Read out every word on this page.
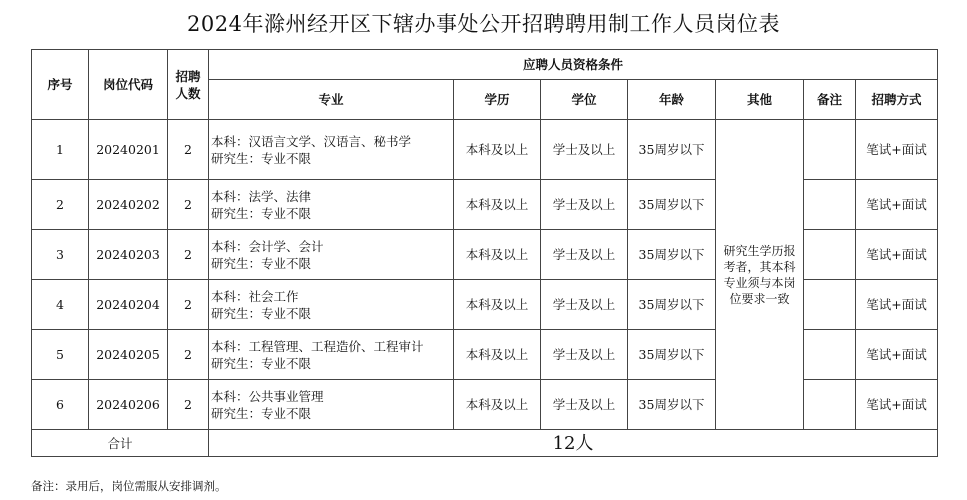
2024年滁州经开区下辖办事处公开招聘聘用制工作人员岗位表
序号	岗位代码	招聘人数	应聘人员资格条件						
			专业	学历	学位	年龄	其他	备注	招聘方式
1	20240201	2	本科：汉语言文学、汉语言、秘书学
研究生：专业不限	本科及以上	学士及以上	35周岁以下	研究生学历报考者，其本科专业须与本岗位要求一致		笔试+面试
2	20240202	2	本科：法学、法律
研究生：专业不限	本科及以上	学士及以上	35周岁以下			笔试+面试
3	20240203	2	本科：会计学、会计
研究生：专业不限	本科及以上	学士及以上	35周岁以下			笔试+面试
4	20240204	2	本科：社会工作
研究生：专业不限	本科及以上	学士及以上	35周岁以下			笔试+面试
5	20240205	2	本科：工程管理、工程造价、工程审计
研究生：专业不限	本科及以上	学士及以上	35周岁以下			笔试+面试
6	20240206	2	本科：公共事业管理
研究生：专业不限	本科及以上	学士及以上	35周岁以下			笔试+面试
合计			12人						
备注：录用后，岗位需服从安排调剂。
